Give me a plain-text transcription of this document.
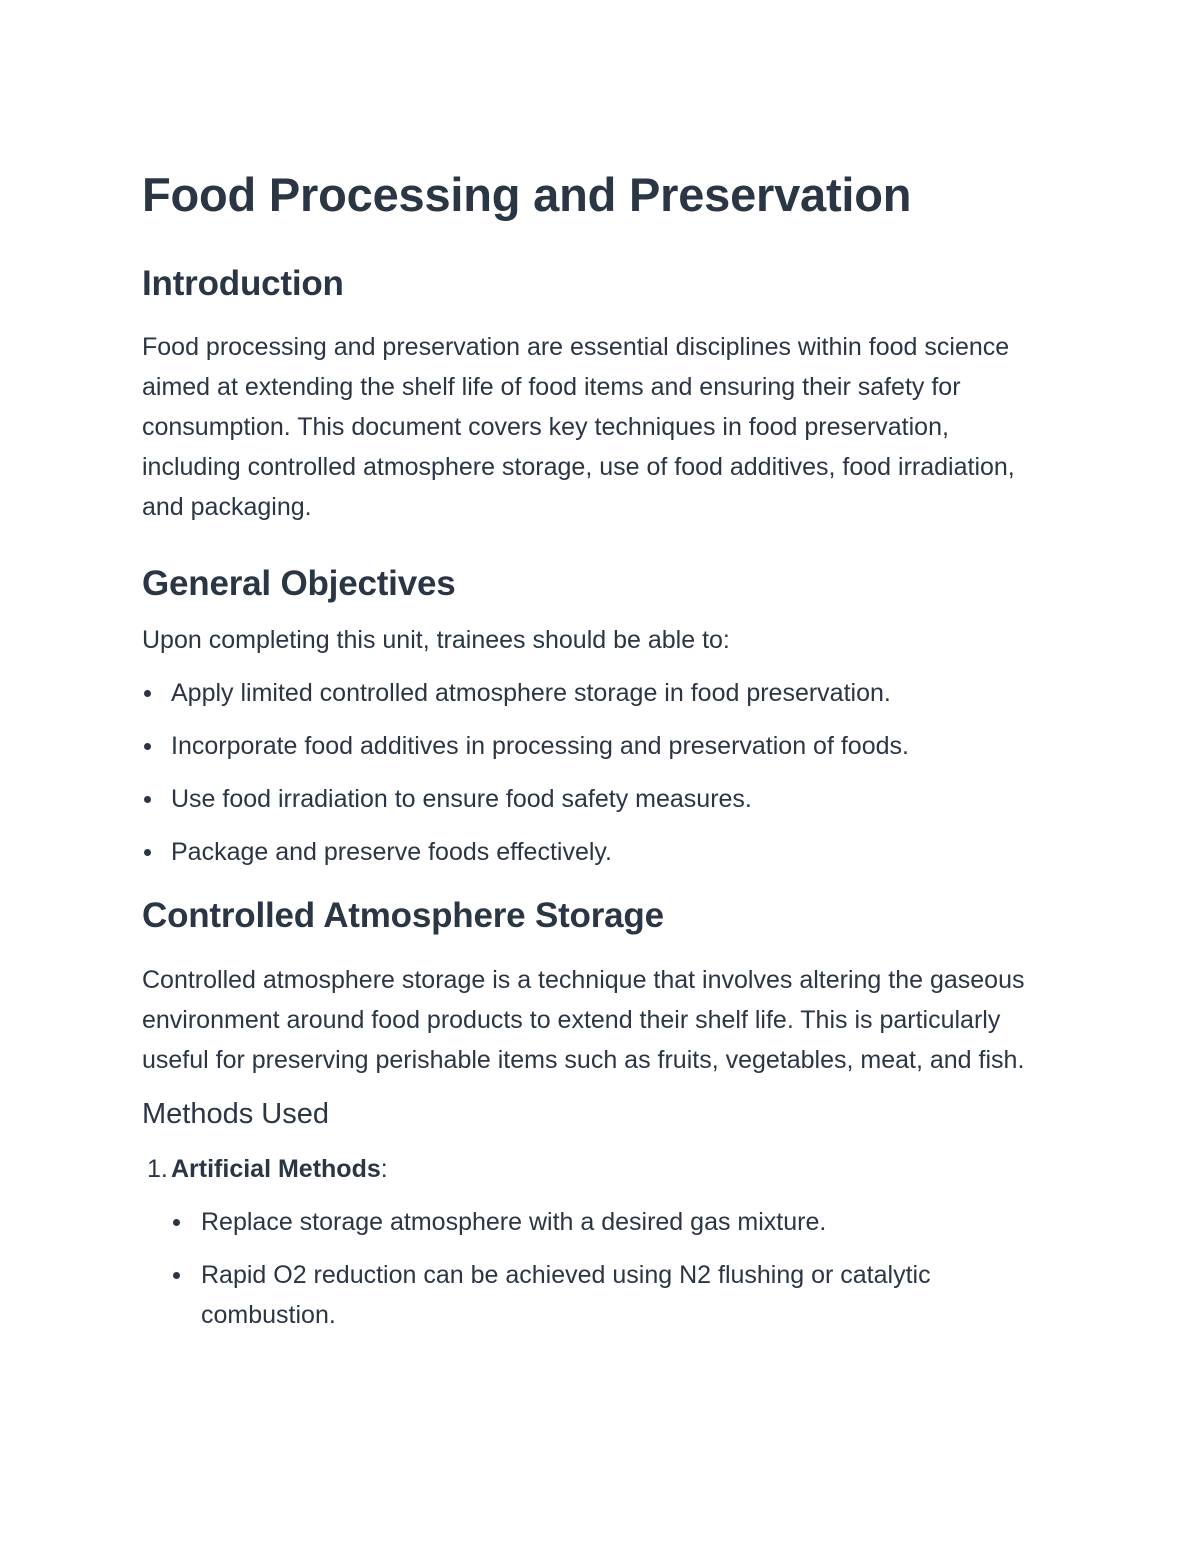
Food Processing and Preservation
Introduction

Food processing and preservation are essential disciplines within food science aimed at extending the shelf life of food items and ensuring their safety for consumption. This document covers key techniques in food preservation, including controlled atmosphere storage, use of food additives, food irradiation, and packaging.

General Objectives

Upon completing this unit, trainees should be able to:

Apply limited controlled atmosphere storage in food preservation.
Incorporate food additives in processing and preservation of foods.
Use food irradiation to ensure food safety measures.
Package and preserve foods effectively.
Controlled Atmosphere Storage

Controlled atmosphere storage is a technique that involves altering the gaseous environment around food products to extend their shelf life. This is particularly useful for preserving perishable items such as fruits, vegetables, meat, and fish.

Methods Used
1. Artificial Methods:
Replace storage atmosphere with a desired gas mixture.
Rapid O2 reduction can be achieved using N2 flushing or catalytic combustion.
